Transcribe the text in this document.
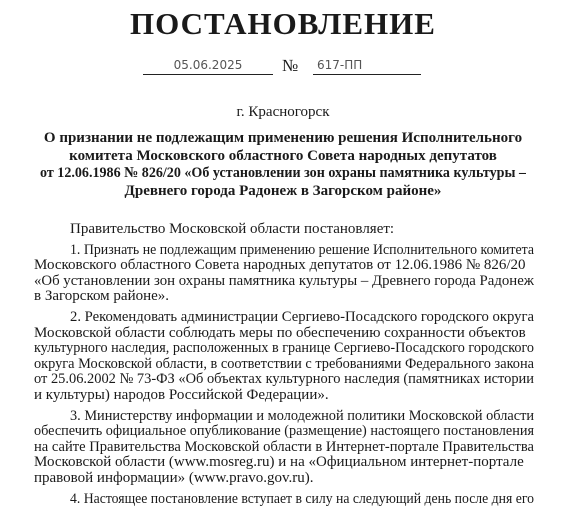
ПОСТАНОВЛЕНИЕ
05.06.2025	№	617-ПП
г. Красногорск
О признании не подлежащим применению решения Исполнительного
комитета Московского областного Совета народных депутатов
от 12.06.1986 № 826/20 «Об установлении зон охраны памятника культуры –
Древнего города Радонеж в Загорском районе»
Правительство Московской области постановляет:
1. Признать не подлежащим применению решение Исполнительного комитета
Московского областного Совета народных депутатов от 12.06.1986 № 826/20
«Об установлении зон охраны памятника культуры – Древнего города Радонеж
в Загорском районе».
2. Рекомендовать администрации Сергиево-Посадского городского округа
Московской области соблюдать меры по обеспечению сохранности объектов
культурного наследия, расположенных в границе Сергиево-Посадского городского
округа Московской области, в соответствии с требованиями Федерального закона
от 25.06.2002 № 73-ФЗ «Об объектах культурного наследия (памятниках истории
и культуры) народов Российской Федерации».
3. Министерству информации и молодежной политики Московской области
обеспечить официальное опубликование (размещение) настоящего постановления
на сайте Правительства Московской области в Интернет-портале Правительства
Московской области (www.mosreg.ru) и на «Официальном интернет-портале
правовой информации» (www.pravo.gov.ru).
4. Настоящее постановление вступает в силу на следующий день после дня его
